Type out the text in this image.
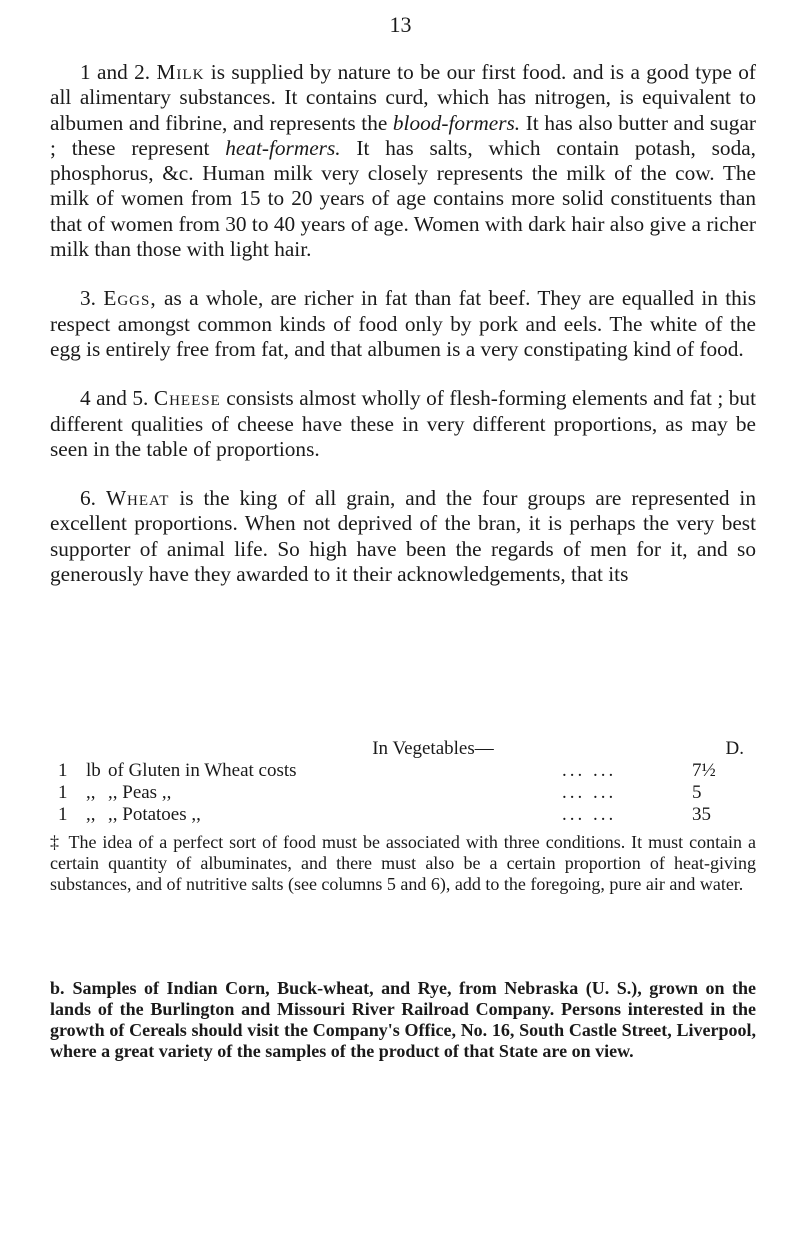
13

1 and 2. Milk is supplied by nature to be our first food. and is a good type of all alimentary substances. It contains curd, which has nitrogen, is equivalent to albumen and fibrine, and represents the blood-formers. It has also butter and sugar ; these represent heat-formers. It has salts, which contain potash, soda, phosphorus, &c. Human milk very closely represents the milk of the cow. The milk of women from 15 to 20 years of age contains more solid constituents than that of women from 30 to 40 years of age. Women with dark hair also give a richer milk than those with light hair.

3. Eggs, as a whole, are richer in fat than fat beef. They are equalled in this respect amongst common kinds of food only by pork and eels. The white of the egg is entirely free from fat, and that albumen is a very constipating kind of food.

4 and 5. Cheese consists almost wholly of flesh-forming elements and fat ; but different qualities of cheese have these in very different proportions, as may be seen in the table of proportions.

6. Wheat is the king of all grain, and the four groups are represented in excellent proportions. When not deprived of the bran, it is perhaps the very best supporter of animal life. So high have been the regards of men for it, and so generously have they awarded to it their acknowledgements, that its

In Vegetables—	D.
1 lb of Gluten in Wheat costs	... ...	7½
1 ,, ,, Peas ,,	... ...	5
1 ,, ,, Potatoes ,,	... ...	35

‡ The idea of a perfect sort of food must be associated with three conditions. It must contain a certain quantity of albuminates, and there must also be a certain proportion of heat-giving substances, and of nutritive salts (see columns 5 and 6), add to the foregoing, pure air and water.

b. Samples of Indian Corn, Buck-wheat, and Rye, from Nebraska (U. S.), grown on the lands of the Burlington and Missouri River Railroad Company. Persons interested in the growth of Cereals should visit the Company's Office, No. 16, South Castle Street, Liverpool, where a great variety of the samples of the product of that State are on view.
